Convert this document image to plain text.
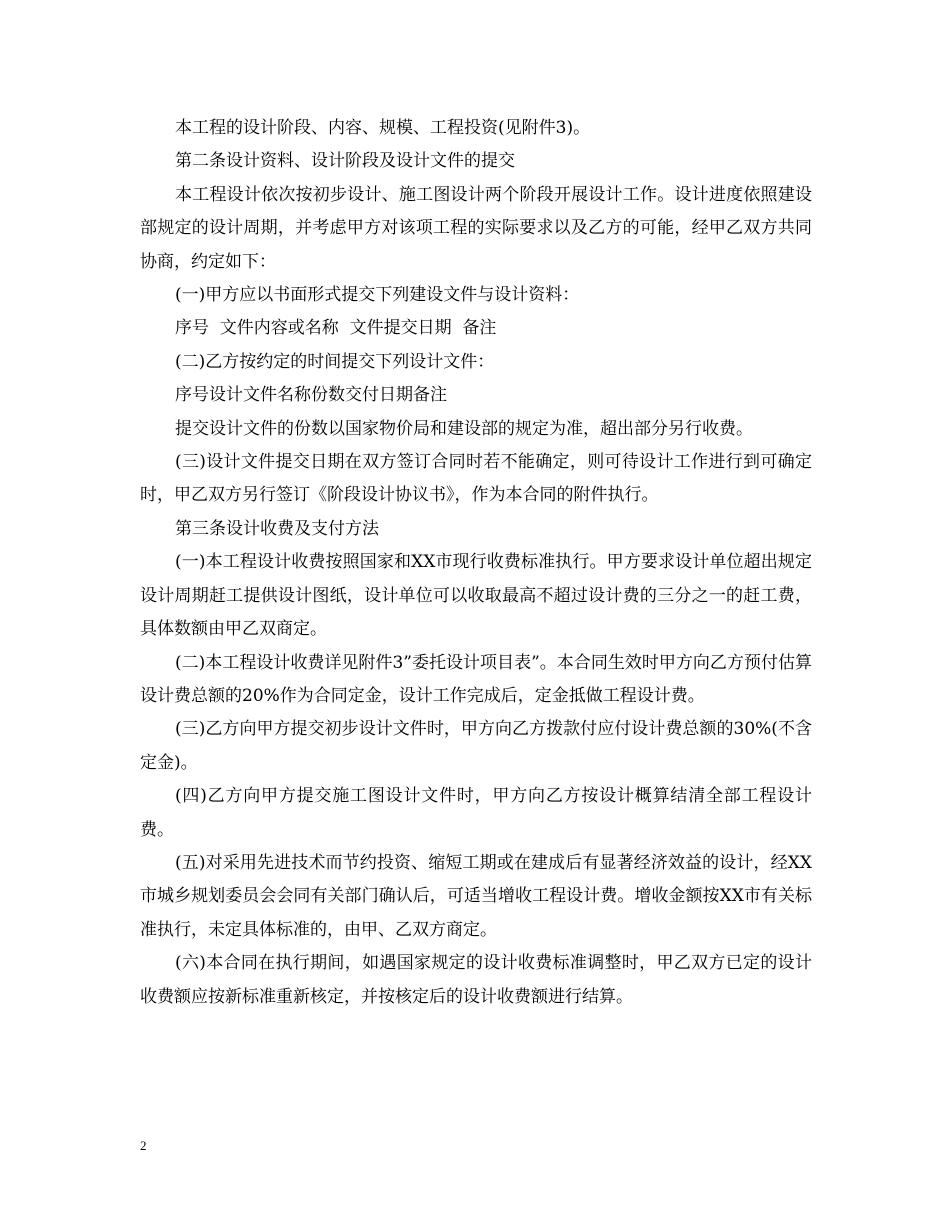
本工程的设计阶段、内容、规模、工程投资(见附件3)。

第二条设计资料、设计阶段及设计文件的提交

本工程设计依次按初步设计、施工图设计两个阶段开展设计工作。设计进度依照建设部规定的设计周期，并考虑甲方对该项工程的实际要求以及乙方的可能，经甲乙双方共同协商，约定如下：

(一)甲方应以书面形式提交下列建设文件与设计资料：

序号  文件内容或名称  文件提交日期  备注

(二)乙方按约定的时间提交下列设计文件：

序号设计文件名称份数交付日期备注

提交设计文件的份数以国家物价局和建设部的规定为准，超出部分另行收费。

(三)设计文件提交日期在双方签订合同时若不能确定，则可待设计工作进行到可确定时，甲乙双方另行签订《阶段设计协议书》，作为本合同的附件执行。

第三条设计收费及支付方法

(一)本工程设计收费按照国家和XX市现行收费标准执行。甲方要求设计单位超出规定设计周期赶工提供设计图纸，设计单位可以收取最高不超过设计费的三分之一的赶工费，具体数额由甲乙双商定。

(二)本工程设计收费详见附件3”委托设计项目表”。本合同生效时甲方向乙方预付估算设计费总额的20%作为合同定金，设计工作完成后，定金抵做工程设计费。

(三)乙方向甲方提交初步设计文件时，甲方向乙方拨款付应付设计费总额的30%(不含定金)。

(四)乙方向甲方提交施工图设计文件时，甲方向乙方按设计概算结清全部工程设计费。

(五)对采用先进技术而节约投资、缩短工期或在建成后有显著经济效益的设计，经XX市城乡规划委员会会同有关部门确认后，可适当增收工程设计费。增收金额按XX市有关标准执行，未定具体标准的，由甲、乙双方商定。

(六)本合同在执行期间，如遇国家规定的设计收费标准调整时，甲乙双方已定的设计收费额应按新标准重新核定，并按核定后的设计收费额进行结算。

2
